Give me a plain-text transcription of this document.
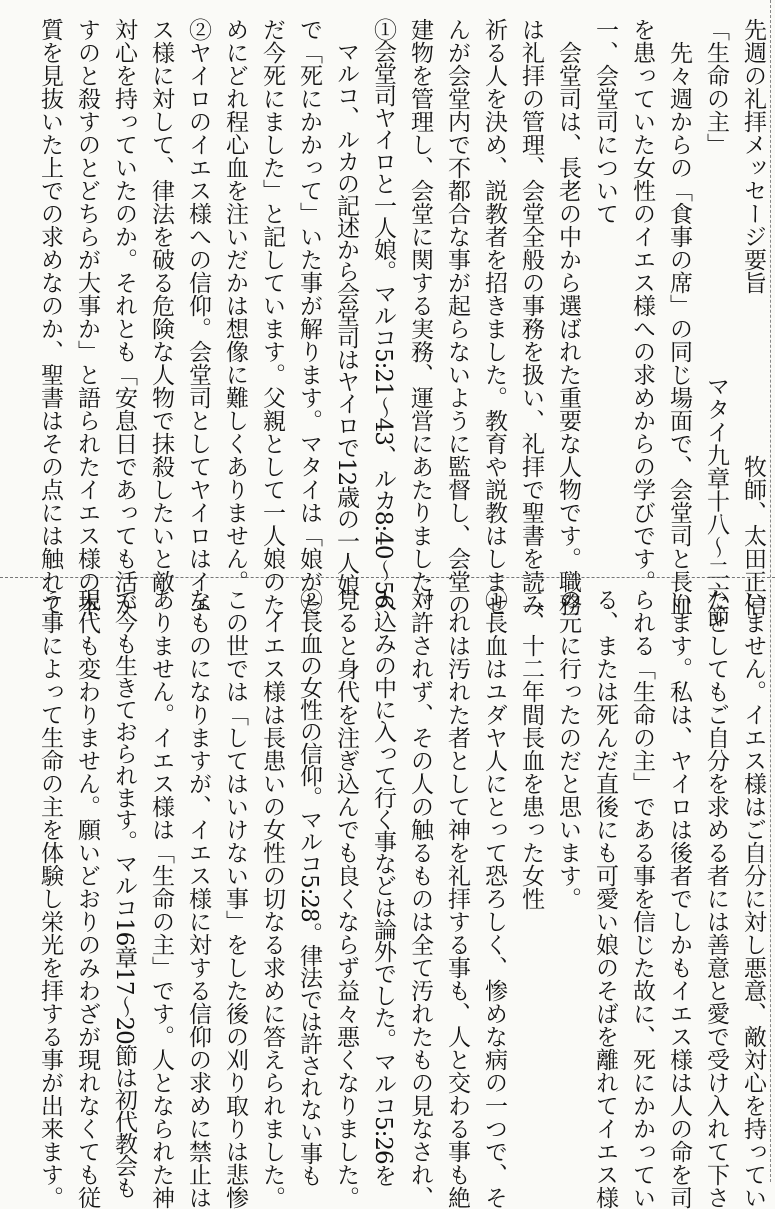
先週の礼拝メッセージ要旨　　　　　　　牧師、太田正信
「生命の主」　　　　　　　　　　マタイ九章十八〜二六節
　先々週からの「食事の席」の同じ場面で、会堂司と長血
を患っていた女性のイエス様への求めからの学びです。
一、会堂司について
　会堂司は、長老の中から選ばれた重要な人物です。職務
は礼拝の管理、会堂全般の事務を扱い、礼拝で聖書を読み
祈る人を決め、説教者を招きました。教育や説教はしませ
んが会堂内で不都合な事が起らないように監督し、会堂の
建物を管理し、会堂に関する実務、運営にあたりました。
①会堂司ヤイロと一人娘。マルコ5:21〜43、ルカ8:40〜56
　マルコ、ルカの記述から会堂司はヤイロで12歳の一人娘
で「死にかかって」いた事が解ります。マタイは「娘がた
だ今死にました」と記しています。父親として一人娘のた
めにどれ程心血を注いだかは想像に難しくありません。
②ヤイロのイエス様への信仰。会堂司としてヤイロはイエ
ス様に対して、律法を破る危険な人物で抹殺したいと敵
対心を持っていたのか。それとも「安息日であっても活か
すのと殺すのとどちらが大事か」と語られたイエス様の本
質を見抜いた上での求めなのか、聖書はその点には触れて
いません。イエス様はご自分に対し悪意、敵対心を持ってい
たとしてもご自分を求める者には善意と愛で受け入れて下さ
います。私は、ヤイロは後者でしかもイエス様は人の命を司
られる「生命の主」である事を信じた故に、死にかかってい
る、または死んだ直後にも可愛い娘のそばを離れてイエス様
の元に行ったのだと思います。
二、十二年間長血を患った女性
①長血はユダヤ人にとって恐ろしく、惨めな病の一つで、そ
　れは汚れた者として神を礼拝する事も、人と交わる事も絶
対許されず、その人の触るものは全て汚れたもの見なされ、
人込みの中に入って行く事などは論外でした。マルコ5:26を
見ると身代を注ぎ込んでも良くならず益々悪くなりました。
②長血の女性の信仰。マルコ5:28。律法では許されない事も
　イエス様は長患いの女性の切なる求めに答えられました。
この世では「してはいけない事」をした後の刈り取りは悲惨
なものになりますが、イエス様に対する信仰の求めに禁止は
ありません。イエス様は「生命の主」です。人となられた神
で今も生きておられます。マルコ16章17〜20節は初代教会も
現代も変わりません。願いどおりのみわざが現れなくても従
う事によって生命の主を体験し栄光を拝する事が出来ます。
